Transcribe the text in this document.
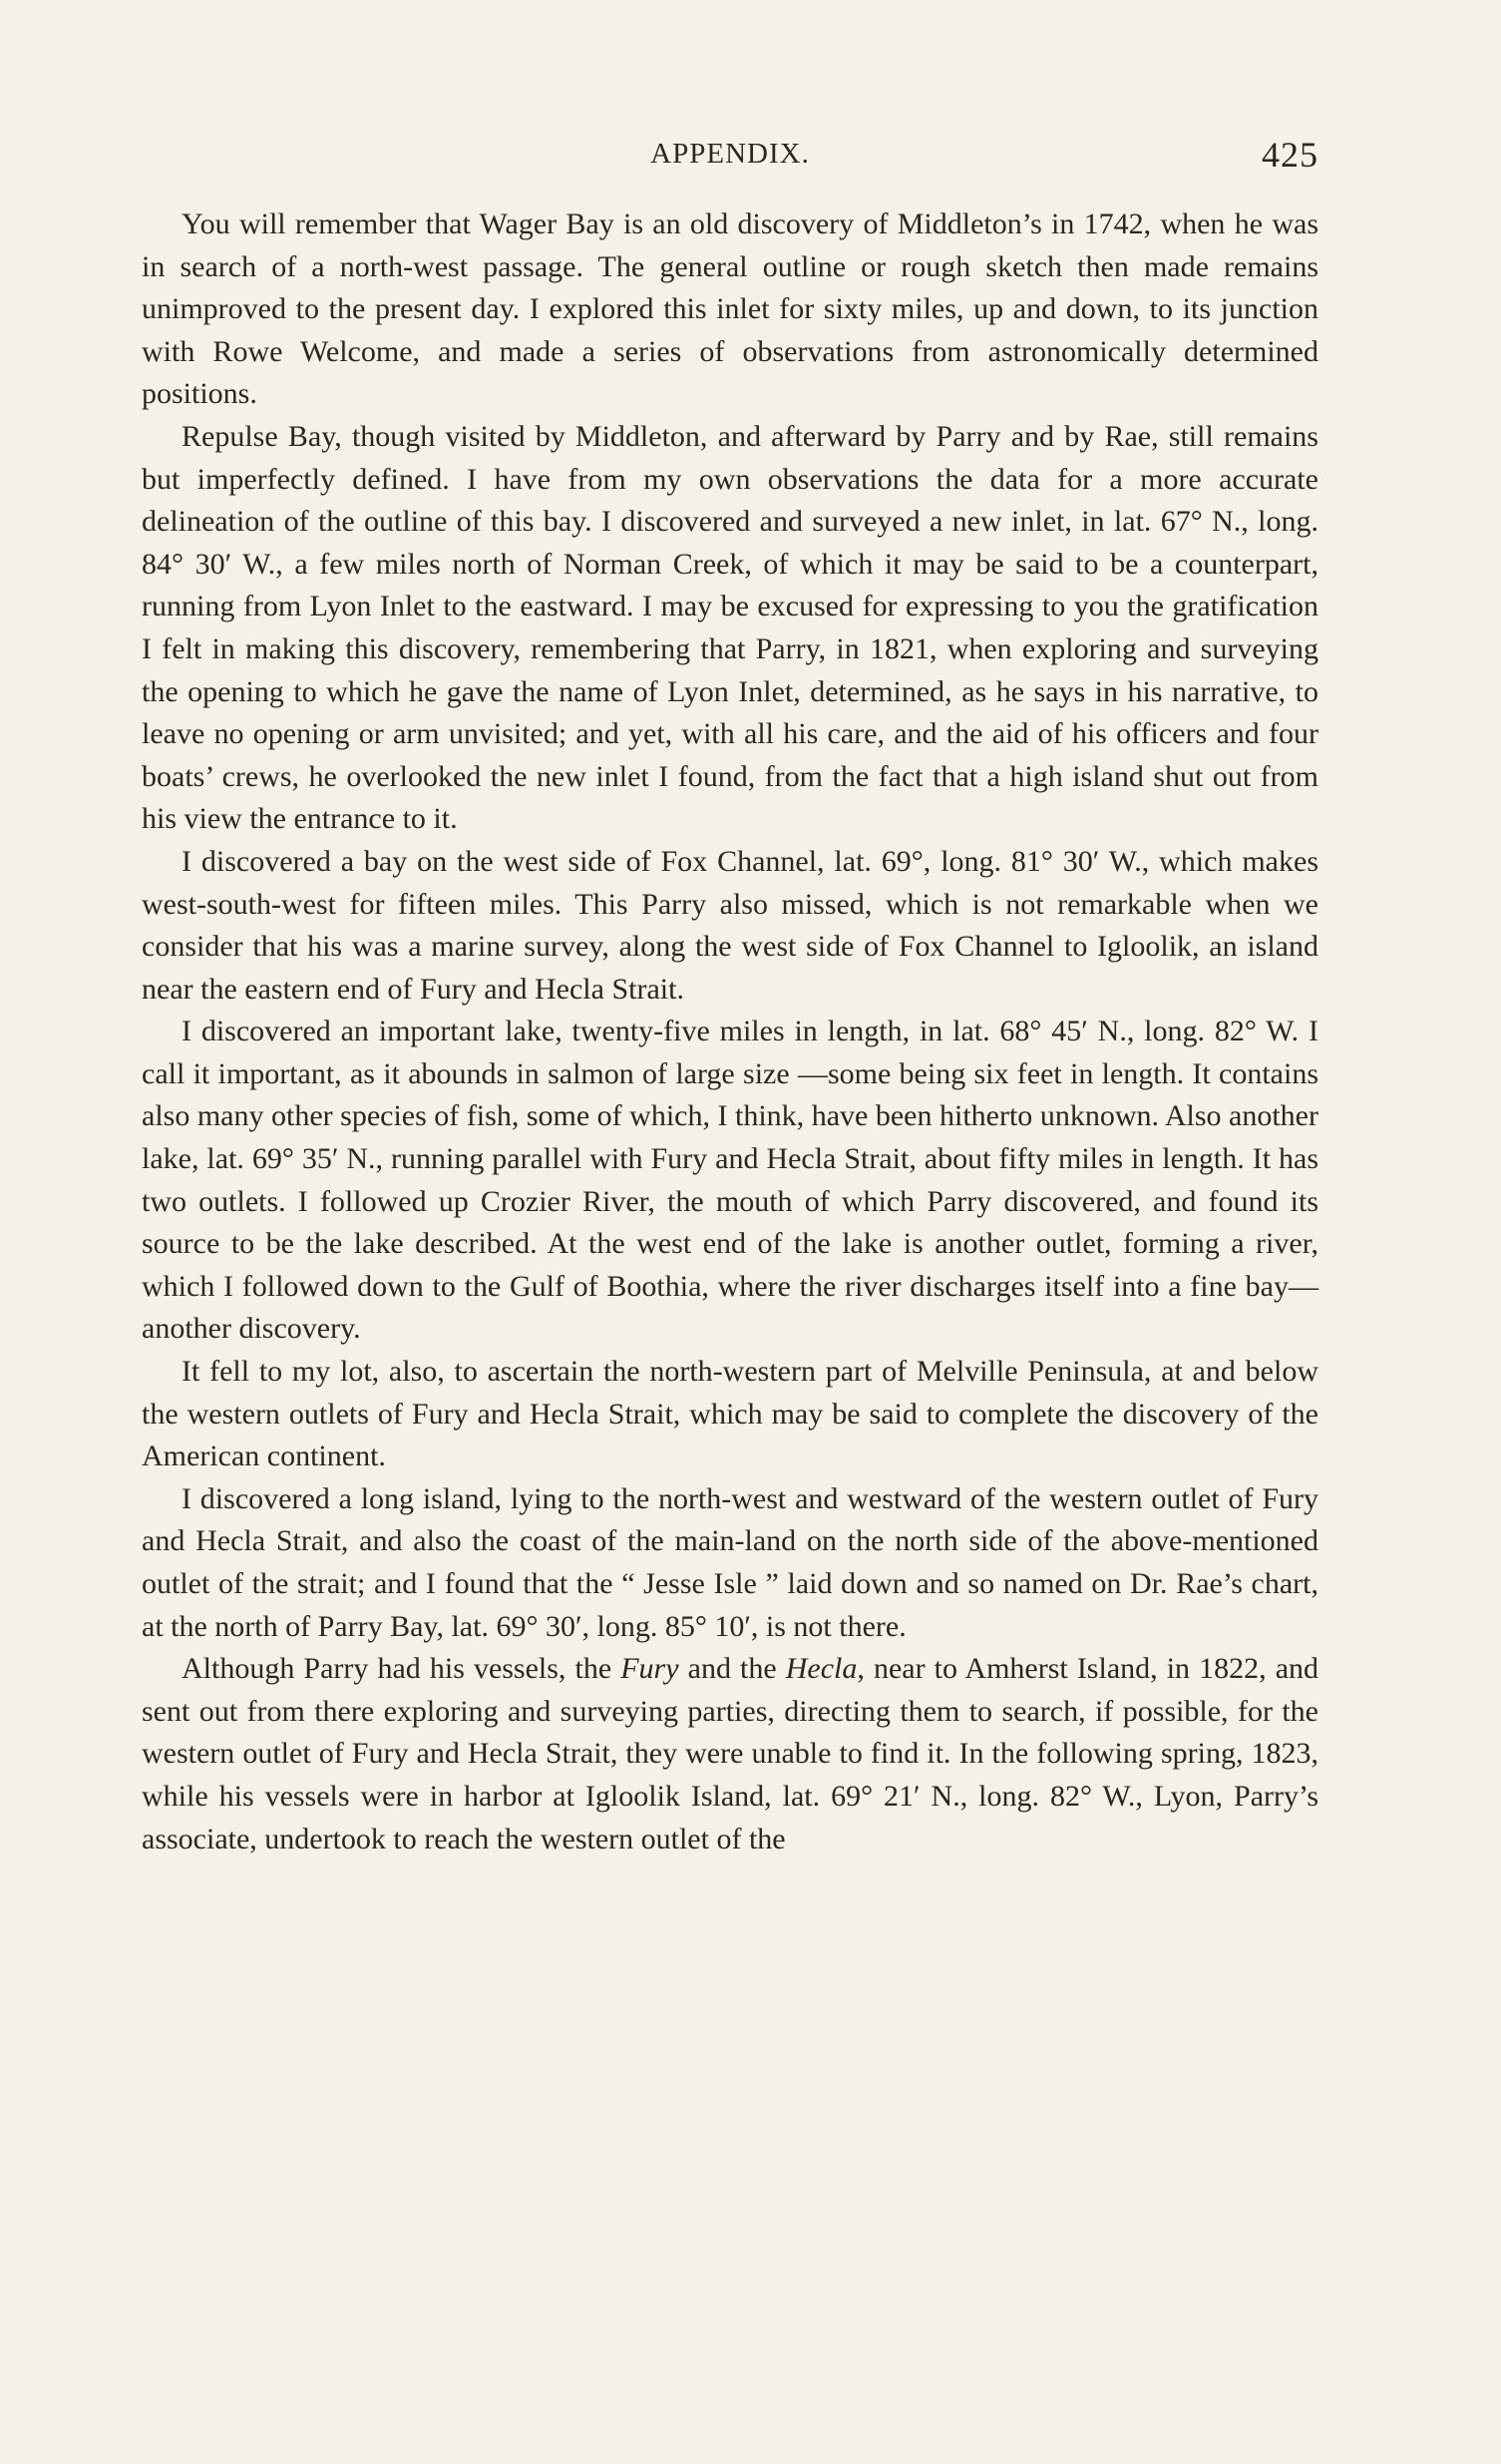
APPENDIX.	425

You will remember that Wager Bay is an old discovery of Middleton’s in 1742, when he was in search of a north-west passage. The general outline or rough sketch then made remains unimproved to the present day. I explored this inlet for sixty miles, up and down, to its junction with Rowe Welcome, and made a series of observations from astronomically determined positions.

Repulse Bay, though visited by Middleton, and afterward by Parry and by Rae, still remains but imperfectly defined. I have from my own observations the data for a more accurate delineation of the outline of this bay. I discovered and surveyed a new inlet, in lat. 67° N., long. 84° 30′ W., a few miles north of Norman Creek, of which it may be said to be a counterpart, running from Lyon Inlet to the eastward. I may be excused for expressing to you the gratification I felt in making this discovery, remembering that Parry, in 1821, when exploring and surveying the opening to which he gave the name of Lyon Inlet, determined, as he says in his narrative, to leave no opening or arm unvisited; and yet, with all his care, and the aid of his officers and four boats’ crews, he overlooked the new inlet I found, from the fact that a high island shut out from his view the entrance to it.

I discovered a bay on the west side of Fox Channel, lat. 69°, long. 81° 30′ W., which makes west-south-west for fifteen miles. This Parry also missed, which is not remarkable when we consider that his was a marine survey, along the west side of Fox Channel to Igloolik, an island near the eastern end of Fury and Hecla Strait.

I discovered an important lake, twenty-five miles in length, in lat. 68° 45′ N., long. 82° W. I call it important, as it abounds in salmon of large size —some being six feet in length. It contains also many other species of fish, some of which, I think, have been hitherto unknown. Also another lake, lat. 69° 35′ N., running parallel with Fury and Hecla Strait, about fifty miles in length. It has two outlets. I followed up Crozier River, the mouth of which Parry discovered, and found its source to be the lake described. At the west end of the lake is another outlet, forming a river, which I followed down to the Gulf of Boothia, where the river discharges itself into a fine bay—another discovery.

It fell to my lot, also, to ascertain the north-western part of Melville Peninsula, at and below the western outlets of Fury and Hecla Strait, which may be said to complete the discovery of the American continent.

I discovered a long island, lying to the north-west and westward of the western outlet of Fury and Hecla Strait, and also the coast of the main-land on the north side of the above-mentioned outlet of the strait; and I found that the “ Jesse Isle ” laid down and so named on Dr. Rae’s chart, at the north of Parry Bay, lat. 69° 30′, long. 85° 10′, is not there.

Although Parry had his vessels, the Fury and the Hecla, near to Amherst Island, in 1822, and sent out from there exploring and surveying parties, directing them to search, if possible, for the western outlet of Fury and Hecla Strait, they were unable to find it. In the following spring, 1823, while his vessels were in harbor at Igloolik Island, lat. 69° 21′ N., long. 82° W., Lyon, Parry’s associate, undertook to reach the western outlet of the
